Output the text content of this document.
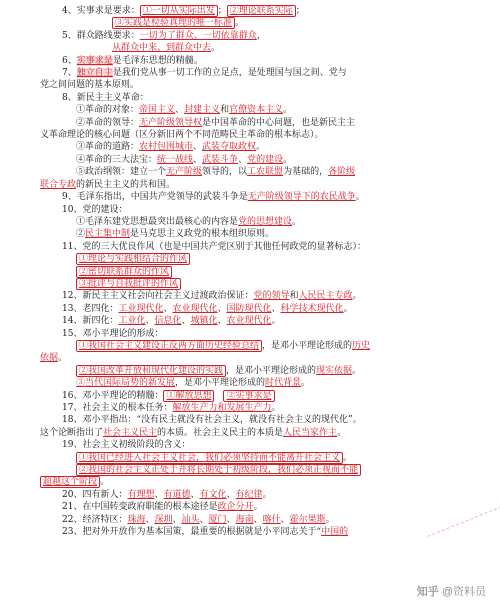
4、实事求是要求： ①一切从实际出发 ； ②理论联系实际 ；
③实践是检验真理的唯一标准 。
5、群众路线要求：一切为了群众、一切依靠群众，
从群众中来、到群众中去。
6、实事求是是毛泽东思想的精髓。
7、独立自主是我们党从事一切工作的立足点，是处理国与国之间、党与
党之间问题的基本原则。
8、新民主主义革命：
①革命的对象：帝国主义、封建主义和官僚资本主义。
②革命的领导：无产阶级领导权是中国革命的中心问题，也是新民主主
义革命理论的核心问题（区分新旧两个不同范畴民主革命的根本标志）。
③革命的道路：农村包围城市、武装夺取政权。
④革命的三大法宝：统一战线、武装斗争、党的建设。
⑤政治纲领：建立一个无产阶级领导的，以工农联盟为基础的，各阶级
联合专政的新民主主义的共和国。
9、毛泽东指出，中国共产党领导的武装斗争是无产阶级领导下的农民战争。
10、党的建设：
①毛泽东建党思想最突出最核心的内容是党的思想建设。
②民主集中制是马克思主义政党的根本组织原则。
11、党的三大优良作风（也是中国共产党区别于其他任何政党的显著标志）：
①理论与实践相结合的作风
②密切联系群众的作风
③批评与自我批评的作风
12、新民主主义社会向社会主义过渡政治保证：党的领导和人民民主专政。
13、老四化：工业现代化、农业现代化、国防现代化、科学技术现代化。
14、新四化：工业化、信息化、城镇化、农业现代化。
15、邓小平理论的形成：
①我国社会主义建设正反两方面历史经验总结 ，是邓小平理论形成的历史
依据。
②我国改革开放和现代化建设的实践 ，是邓小平理论形成的现实依据。
③当代国际局势的新发展，是邓小平理论形成的时代背景。
16、邓小平理论的精髓： ①解放思想　 ②实事求是
17、社会主义的根本任务：解放生产力和发展生产力。
18、邓小平指出：“没有民主就没有社会主义，就没有社会主义的现代化”。
这个论断指出了社会主义民主的本质。社会主义民主的本质是人民当家作主。
19、社会主义初级阶段的含义：
①我国已经进入社会主义社会，我们必须坚持而不能离开社会主义 。
②我国的社会主义正处于并将长期处于初级阶段，我们必须正视而不能
超越这个阶段 。
20、四有新人：有理想、有道德、有文化、有纪律。
21、在中国转变政府职能的根本途径是政企分开。
22、经济特区：珠海、深圳、汕头、厦门、海南、喀什、霍尔果斯。
23、把对外开放作为基本国策，最重要的根据就是小平同志关于“中国的
知乎 @资料员
